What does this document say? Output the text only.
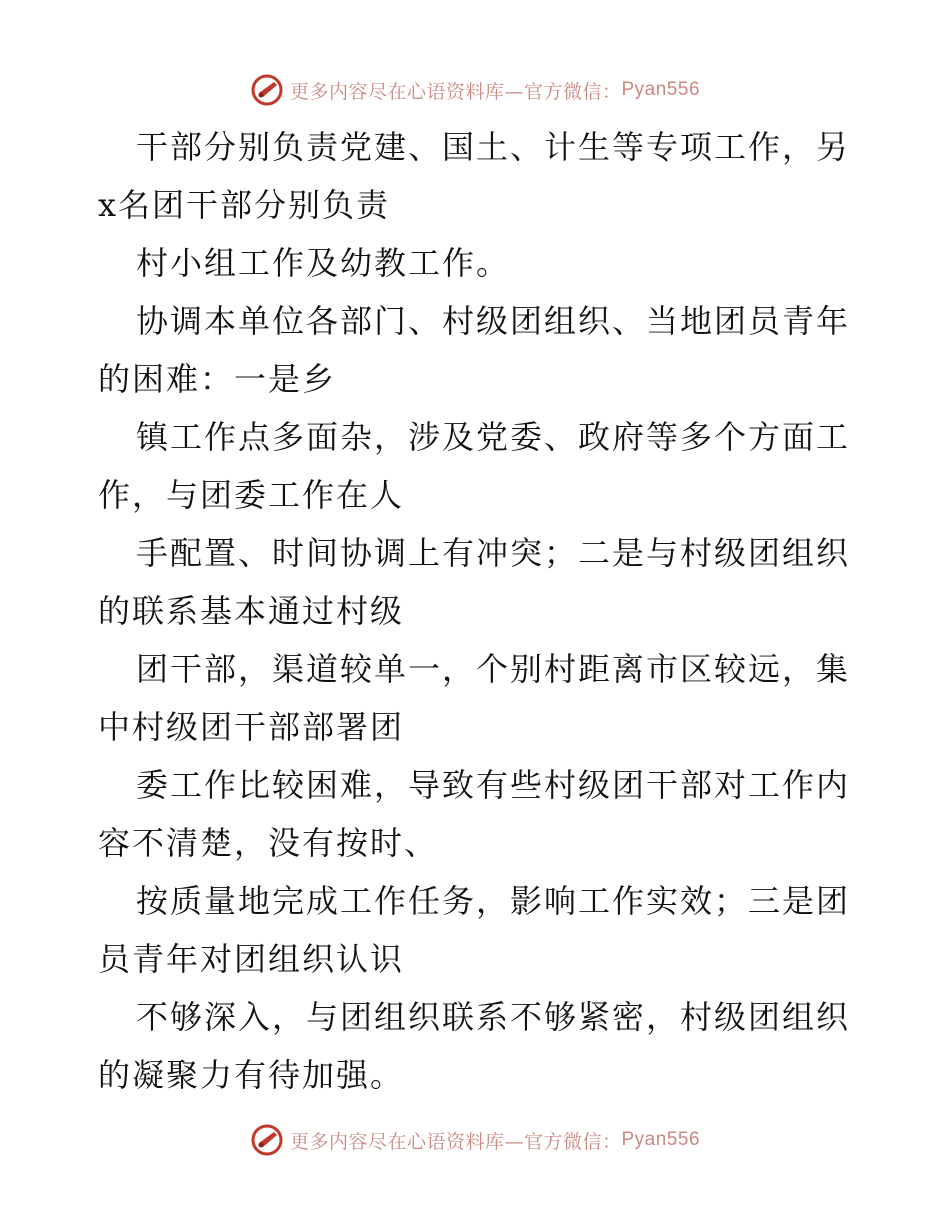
更多内容尽在心语资料库—官方微信： Pyan556
干部分别负责党建、国土、计生等专项工作，另
x名团干部分别负责
村小组工作及幼教工作。
协调本单位各部门、村级团组织、当地团员青年
的困难：一是乡
镇工作点多面杂，涉及党委、政府等多个方面工
作，与团委工作在人
手配置、时间协调上有冲突；二是与村级团组织
的联系基本通过村级
团干部，渠道较单一，个别村距离市区较远，集
中村级团干部部署团
委工作比较困难，导致有些村级团干部对工作内
容不清楚，没有按时、
按质量地完成工作任务，影响工作实效；三是团
员青年对团组织认识
不够深入，与团组织联系不够紧密，村级团组织
的凝聚力有待加强。
更多内容尽在心语资料库—官方微信： Pyan556
